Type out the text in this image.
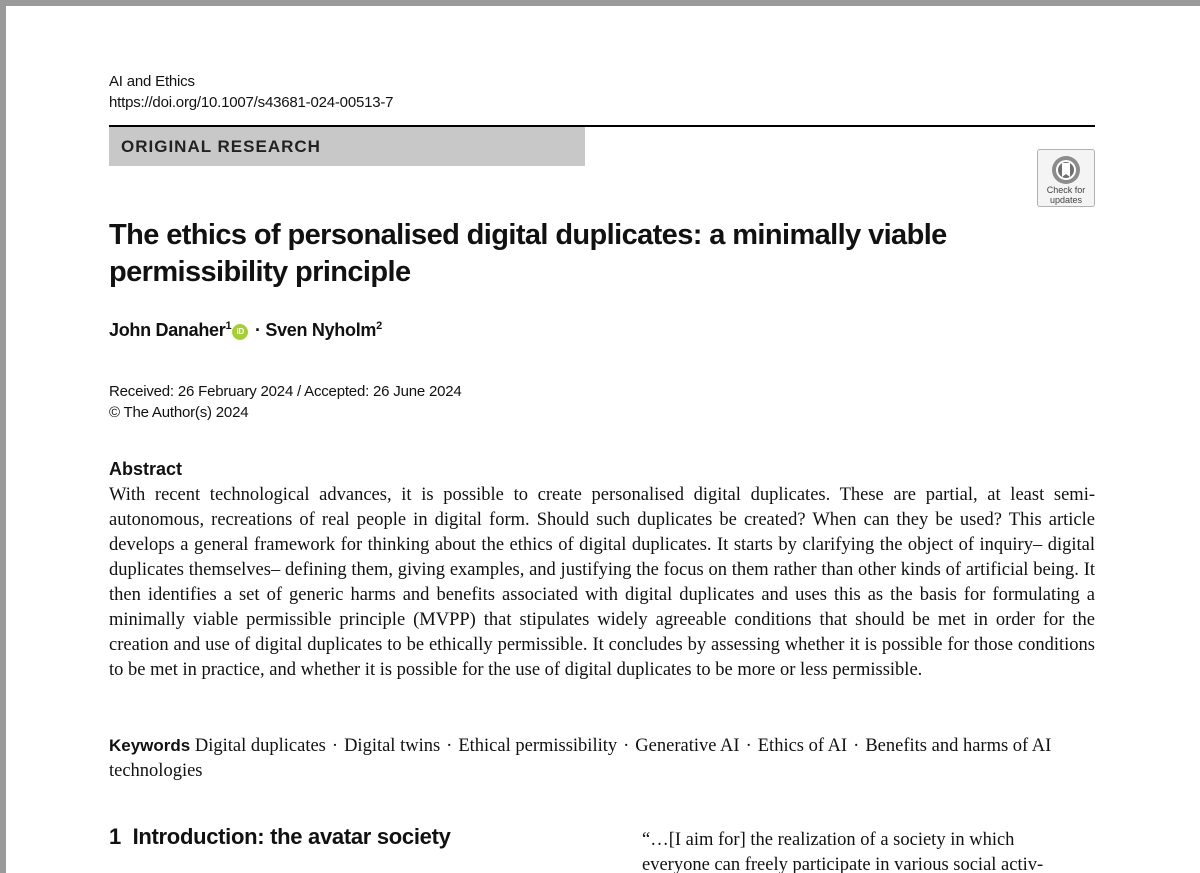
AI and Ethics
https://doi.org/10.1007/s43681-024-00513-7
ORIGINAL RESEARCH
Check for
updates
The ethics of personalised digital duplicates: a minimally viable
permissibility principle
John Danaher$^1$ iD · Sven Nyholm$^2$
Received: 26 February 2024 / Accepted: 26 June 2024
© The Author(s) 2024
Abstract

With recent technological advances, it is possible to create personalised digital duplicates. These are partial, at least semi-autonomous, recreations of real people in digital form. Should such duplicates be created? When can they be used? This article develops a general framework for thinking about the ethics of digital duplicates. It starts by clarifying the object of inquiry– digital duplicates themselves– defining them, giving examples, and justifying the focus on them rather than other kinds of artificial being. It then identifies a set of generic harms and benefits associated with digital duplicates and uses this as the basis for formulating a minimally viable permissible principle (MVPP) that stipulates widely agreeable conditions that should be met in order for the creation and use of digital duplicates to be ethically permissible. It concludes by assessing whether it is possible for those conditions to be met in practice, and whether it is possible for the use of digital duplicates to be more or less permissible.

Keywords Digital duplicates · Digital twins · Ethical permissibility · Generative AI · Ethics of AI · Benefits and harms of AI technologies
1 Introduction: the avatar society	“…[I aim for] the realization of a society in which
everyone can freely participate in various social activ-
